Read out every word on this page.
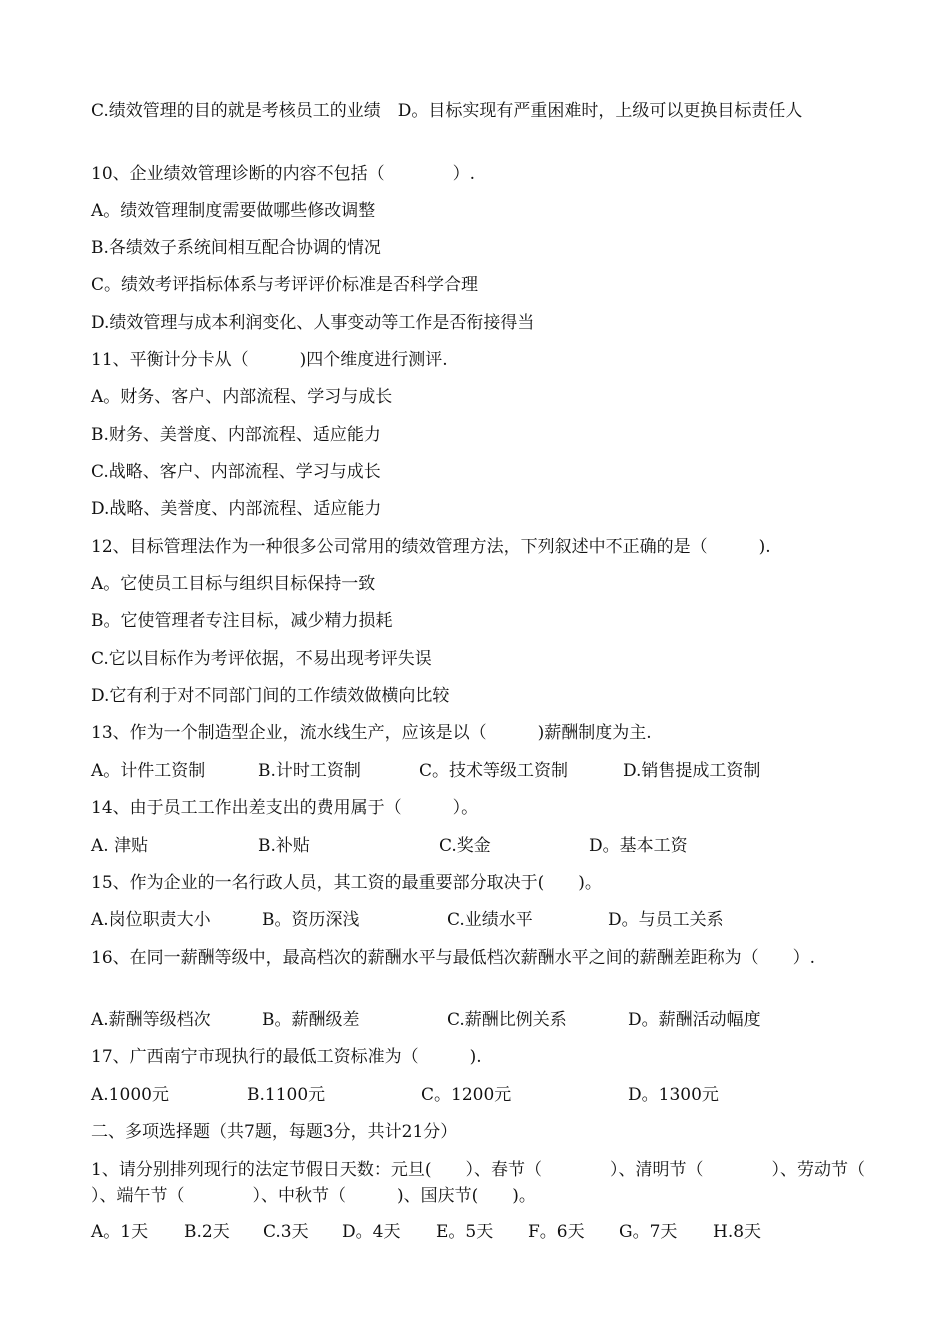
C.绩效管理的目的就是考核员工的业绩　D。目标实现有严重困难时，上级可以更换目标责任人
10、企业绩效管理诊断的内容不包括（　　　　）.
A。绩效管理制度需要做哪些修改调整
B.各绩效子系统间相互配合协调的情况
C。绩效考评指标体系与考评评价标准是否科学合理
D.绩效管理与成本利润变化、人事变动等工作是否衔接得当
11、平衡计分卡从（　　　)四个维度进行测评.
A。财务、客户、内部流程、学习与成长
B.财务、美誉度、内部流程、适应能力
C.战略、客户、内部流程、学习与成长
D.战略、美誉度、内部流程、适应能力
12、目标管理法作为一种很多公司常用的绩效管理方法，下列叙述中不正确的是（　　　).
A。它使员工目标与组织目标保持一致
B。它使管理者专注目标，减少精力损耗
C.它以目标作为考评依据，不易出现考评失误
D.它有利于对不同部门间的工作绩效做横向比较
13、作为一个制造型企业，流水线生产，应该是以（　　　)薪酬制度为主.
A。计件工资制	B.计时工资制	C。技术等级工资制	D.销售提成工资制
14、由于员工工作出差支出的费用属于（　　　）。
A. 津贴	B.补贴	C.奖金	D。基本工资
15、作为企业的一名行政人员，其工资的最重要部分取决于(　　)。
A.岗位职责大小	B。资历深浅	C.业绩水平	D。与员工关系
16、在同一薪酬等级中，最高档次的薪酬水平与最低档次薪酬水平之间的薪酬差距称为（　　）.
A.薪酬等级档次	B。薪酬级差	C.薪酬比例关系	D。薪酬活动幅度
17、广西南宁市现执行的最低工资标准为（　　　).
A.1000元	B.1100元	C。1200元	D。1300元
二、多项选择题（共7题，每题3分，共计21分）
1、请分别排列现行的法定节假日天数：元旦(　　）、春节（　　　　）、清明节（　　　　）、劳动节（　　　　）、端午节（　　　　）、中秋节（　　　)、国庆节(　　)。
A。1天 B.2天 C.3天 D。4天 E。5天 F。6天 G。7天 H.8天
